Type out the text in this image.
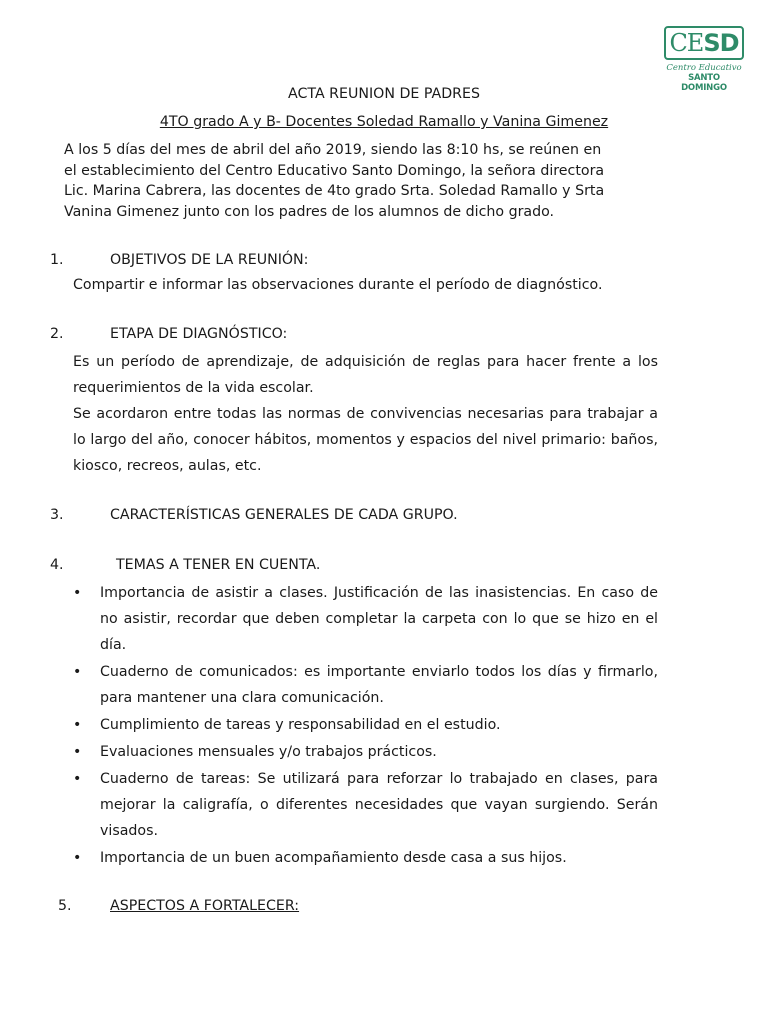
CE SD
Centro Educativo
SANTO DOMINGO
ACTA REUNION DE PADRES
4TO grado A y B- Docentes Soledad Ramallo y Vanina Gimenez

A los 5 días del mes de abril del año 2019, siendo las 8:10 hs, se reúnen en

el establecimiento del Centro Educativo Santo Domingo, la señora directora

Lic. Marina Cabrera, las docentes de 4to grado Srta. Soledad Ramallo y Srta

Vanina Gimenez junto con los padres de los alumnos de dicho grado.

1.	OBJETIVOS DE LA REUNIÓN:

Compartir e informar las observaciones durante el período de diagnóstico.

2.	ETAPA DE DIAGNÓSTICO:

Es un período de aprendizaje, de adquisición de reglas para hacer frente a los requerimientos de la vida escolar.

Se acordaron entre todas las normas de convivencias necesarias para trabajar a lo largo del año, conocer hábitos, momentos y espacios del nivel primario: baños, kiosco, recreos, aulas, etc.

3.	CARACTERÍSTICAS GENERALES DE CADA GRUPO.
4.	TEMAS A TENER EN CUENTA.
•	Importancia de asistir a clases. Justificación de las inasistencias. En caso de no asistir, recordar que deben completar la carpeta con lo que se hizo en el día.
•	Cuaderno de comunicados: es importante enviarlo todos los días y firmarlo, para mantener una clara comunicación.
•	Cumplimiento de tareas y responsabilidad en el estudio.
•	Evaluaciones mensuales y/o trabajos prácticos.
•	Cuaderno de tareas: Se utilizará para reforzar lo trabajado en clases, para mejorar la caligrafía, o diferentes necesidades que vayan surgiendo. Serán visados.
•	Importancia de un buen acompañamiento desde casa a sus hijos.
5.	ASPECTOS A FORTALECER:
